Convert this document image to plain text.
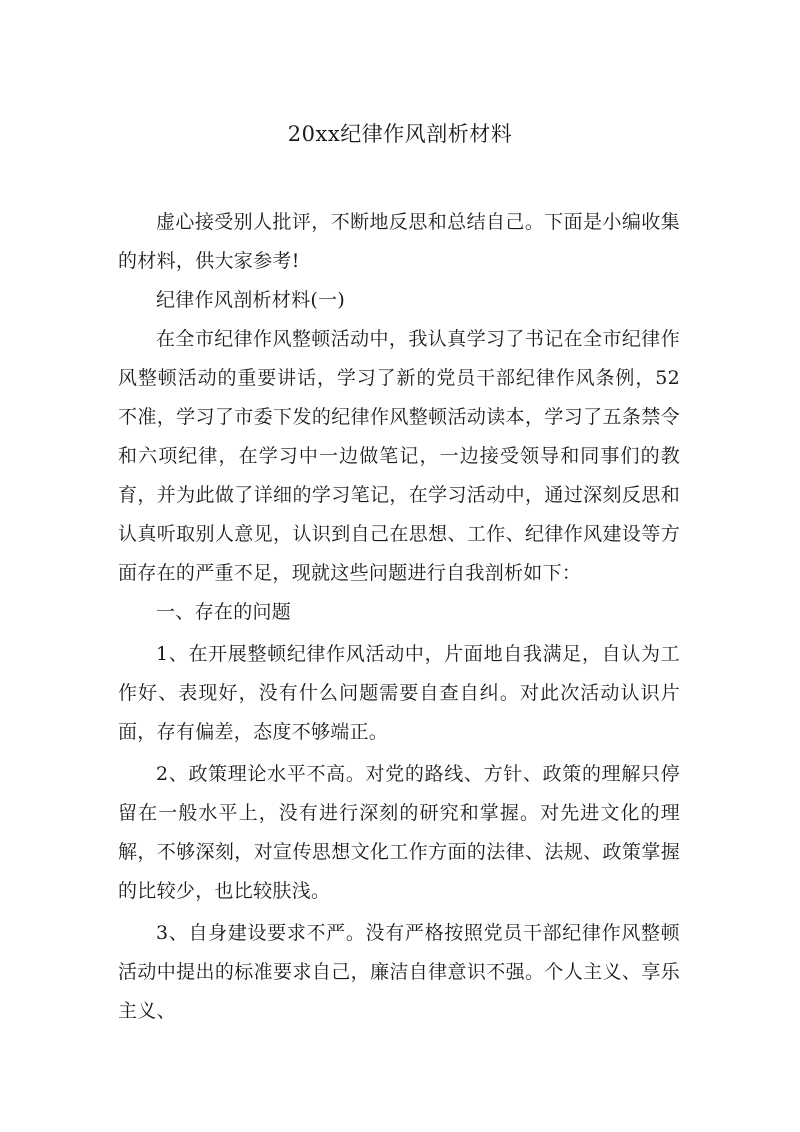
20xx纪律作风剖析材料

虚心接受别人批评，不断地反思和总结自己。下面是小编收集的材料，供大家参考!

纪律作风剖析材料(一)

在全市纪律作风整顿活动中，我认真学习了书记在全市纪律作风整顿活动的重要讲话，学习了新的党员干部纪律作风条例，52不准，学习了市委下发的纪律作风整顿活动读本，学习了五条禁令和六项纪律，在学习中一边做笔记，一边接受领导和同事们的教育，并为此做了详细的学习笔记，在学习活动中，通过深刻反思和认真听取别人意见，认识到自己在思想、工作、纪律作风建设等方面存在的严重不足，现就这些问题进行自我剖析如下：

一、存在的问题

1、在开展整顿纪律作风活动中，片面地自我满足，自认为工作好、表现好，没有什么问题需要自查自纠。对此次活动认识片面，存有偏差，态度不够端正。

2、政策理论水平不高。对党的路线、方针、政策的理解只停留在一般水平上，没有进行深刻的研究和掌握。对先进文化的理解，不够深刻，对宣传思想文化工作方面的法律、法规、政策掌握的比较少，也比较肤浅。

3、自身建设要求不严。没有严格按照党员干部纪律作风整顿活动中提出的标准要求自己，廉洁自律意识不强。个人主义、享乐主义、
